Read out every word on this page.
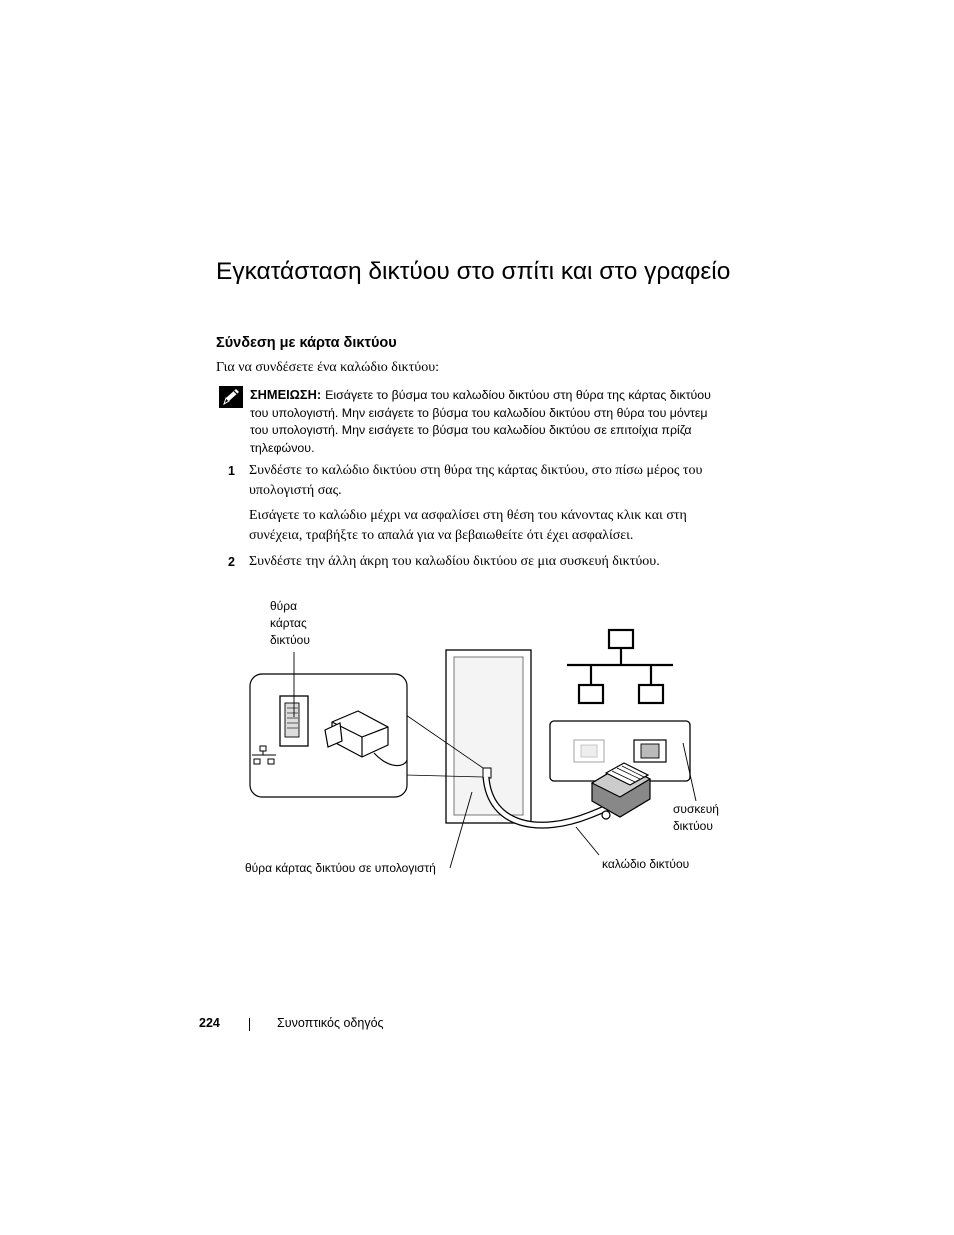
Εγκατάσταση δικτύου στο σπίτι και στο γραφείο
Σύνδεση με κάρτα δικτύου
Για να συνδέσετε ένα καλώδιο δικτύου:
ΣΗΜΕΙΩΣΗ: Εισάγετε το βύσμα του καλωδίου δικτύου στη θύρα της κάρτας δικτύου του υπολογιστή. Μην εισάγετε το βύσμα του καλωδίου δικτύου στη θύρα του μόντεμ του υπολογιστή. Μην εισάγετε το βύσμα του καλωδίου δικτύου σε επιτοίχια πρίζα τηλεφώνου.
1 Συνδέστε το καλώδιο δικτύου στη θύρα της κάρτας δικτύου, στο πίσω μέρος του υπολογιστή σας.
Εισάγετε το καλώδιο μέχρι να ασφαλίσει στη θέση του κάνοντας κλικ και στη συνέχεια, τραβήξτε το απαλά για να βεβαιωθείτε ότι έχει ασφαλίσει.
2 Συνδέστε την άλλη άκρη του καλωδίου δικτύου σε μια συσκευή δικτύου.
θύρα
κάρτας
δικτύου
συσκευή
δικτύου
θύρα κάρτας δικτύου σε υπολογιστή	καλώδιο δικτύου
224	Συνοπτικός οδηγός
